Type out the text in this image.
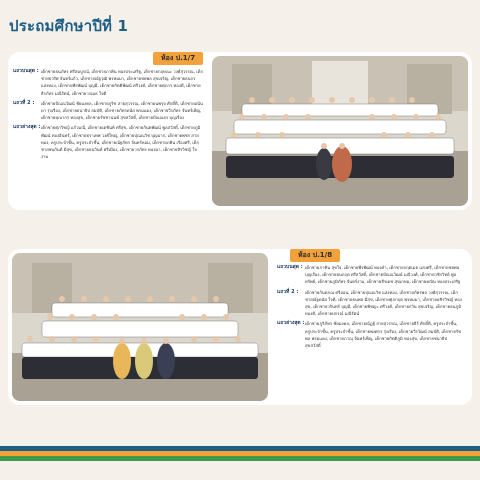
ประถมศึกษาปีที่ 1
ห้อง ป.1/7
แถวบนสุด : เด็กชายธนภัทร ศรีสมบูรณ์, เด็กชายภาคิน ทองประเสริฐ, เด็กชายกฤษณะ วงศ์สุวรรณ, เด็กชายปวริศ จันทร์แก้ว, เด็กชายณัฐวุฒิ พรหมมา, เด็กชายชยพล สุขเจริญ, เด็กชายธนกร แสงทอง, เด็กชายพีรพัฒน์ บุญมี, เด็กชายกิตติพัฒน์ ศรีวงศ์, เด็กชายศุภกร ทองดี, เด็กชายธีรภัทร มณีรัตน์, เด็กชายวรเมธ ใจดี
แถวที่ 2 :	เด็กชายปัณณวัฒน์ ชัยมงคล, เด็กชายภูริช สายสุวรรณ, เด็กชายนพรุจ ศักดิ์ดี, เด็กชายอนันดา รุ่งเรือง, เด็กชายธนาธิป สมบัติ, เด็กชายภัทรดนัย พรมแดง, เด็กชายวีรภัทร จันทร์เพ็ญ, เด็กชายคุณากร ทองสุข, เด็กชายรัชชานนท์ สุขสวัสดิ์, เด็กชายปัณณธร บุญเรือง
แถวล่างสุด : เด็กชายศุภวิชญ์ แก้วมณี, เด็กชายเตชินท์ ศรีสุข, เด็กชายกันตพัฒน์ พูลสวัสดิ์, เด็กชายภูมิพัฒน์ ทองอินทร์, เด็กชายธราเทพ วงศ์ใหญ่, เด็กชายปุณณวิช บุญมาก, เด็กชายพชร สายทอง, ครูประจำชั้น, ครูประจำชั้น, เด็กชายณัฐภัทร จันทร์หอม, เด็กชายภคิน เรืองศรี, เด็กชายชนกันต์ มีสุข, เด็กชายธนวินท์ ศรีเมือง, เด็กชายวรภัทร ทองมา, เด็กชายสิรวิชญ์ ใจงาม
ห้อง ป.1/8
แถวบนสุด : เด็กชายภาคิน สุขใจ, เด็กชายพีรพัฒน์ ทองคำ, เด็กชายกฤตเมธ แสงศรี, เด็กชายชยพล บุญเรือง, เด็กชายธนกฤต ศรีสวัสดิ์, เด็กชายปัณณวัฒน์ มณีวงศ์, เด็กชายวชิรวิทย์ พูลทรัพย์, เด็กชายภูมิภัทร จันทร์งาม, เด็กชายธีรเดช สุขเกษม, เด็กชายคณิน ทองประเสริฐ
แถวที่ 2 :	เด็กชายกันตภณ ศรีอ่อน, เด็กชายปุณณวิช แสงทอง, เด็กชายภัทรพล วงศ์สุวรรณ, เด็กชายณัฐดนัย ใจดี, เด็กชายธนพล มีสุข, เด็กชายศุภกฤต พรหมมา, เด็กชายอชิรวิชญ์ ทองสุข, เด็กชายวรินทร์ บุญมี, เด็กชายพิชญะ ศรีวงศ์, เด็กชายกวิน สุขเจริญ, เด็กชายธนภูมิ ทองดี, เด็กชายปกรณ์ มณีรัตน์
แถวล่างสุด : เด็กชายภูริภัทร ชัยมงคล, เด็กชายณัฏฐ์ สายสุวรรณ, เด็กชายธีร์ ศักดิ์ดี, ครูประจำชั้น, ครูประจำชั้น, ครูประจำชั้น, เด็กชายพงศกร รุ่งเรือง, เด็กชายวีรวัฒน์ สมบัติ, เด็กชายรัชพล พรมแดง, เด็กชายภาณุ จันทร์เพ็ญ, เด็กชายกิตติภูมิ ทองสุข, เด็กชายชนาธิป สุขสวัสดิ์
